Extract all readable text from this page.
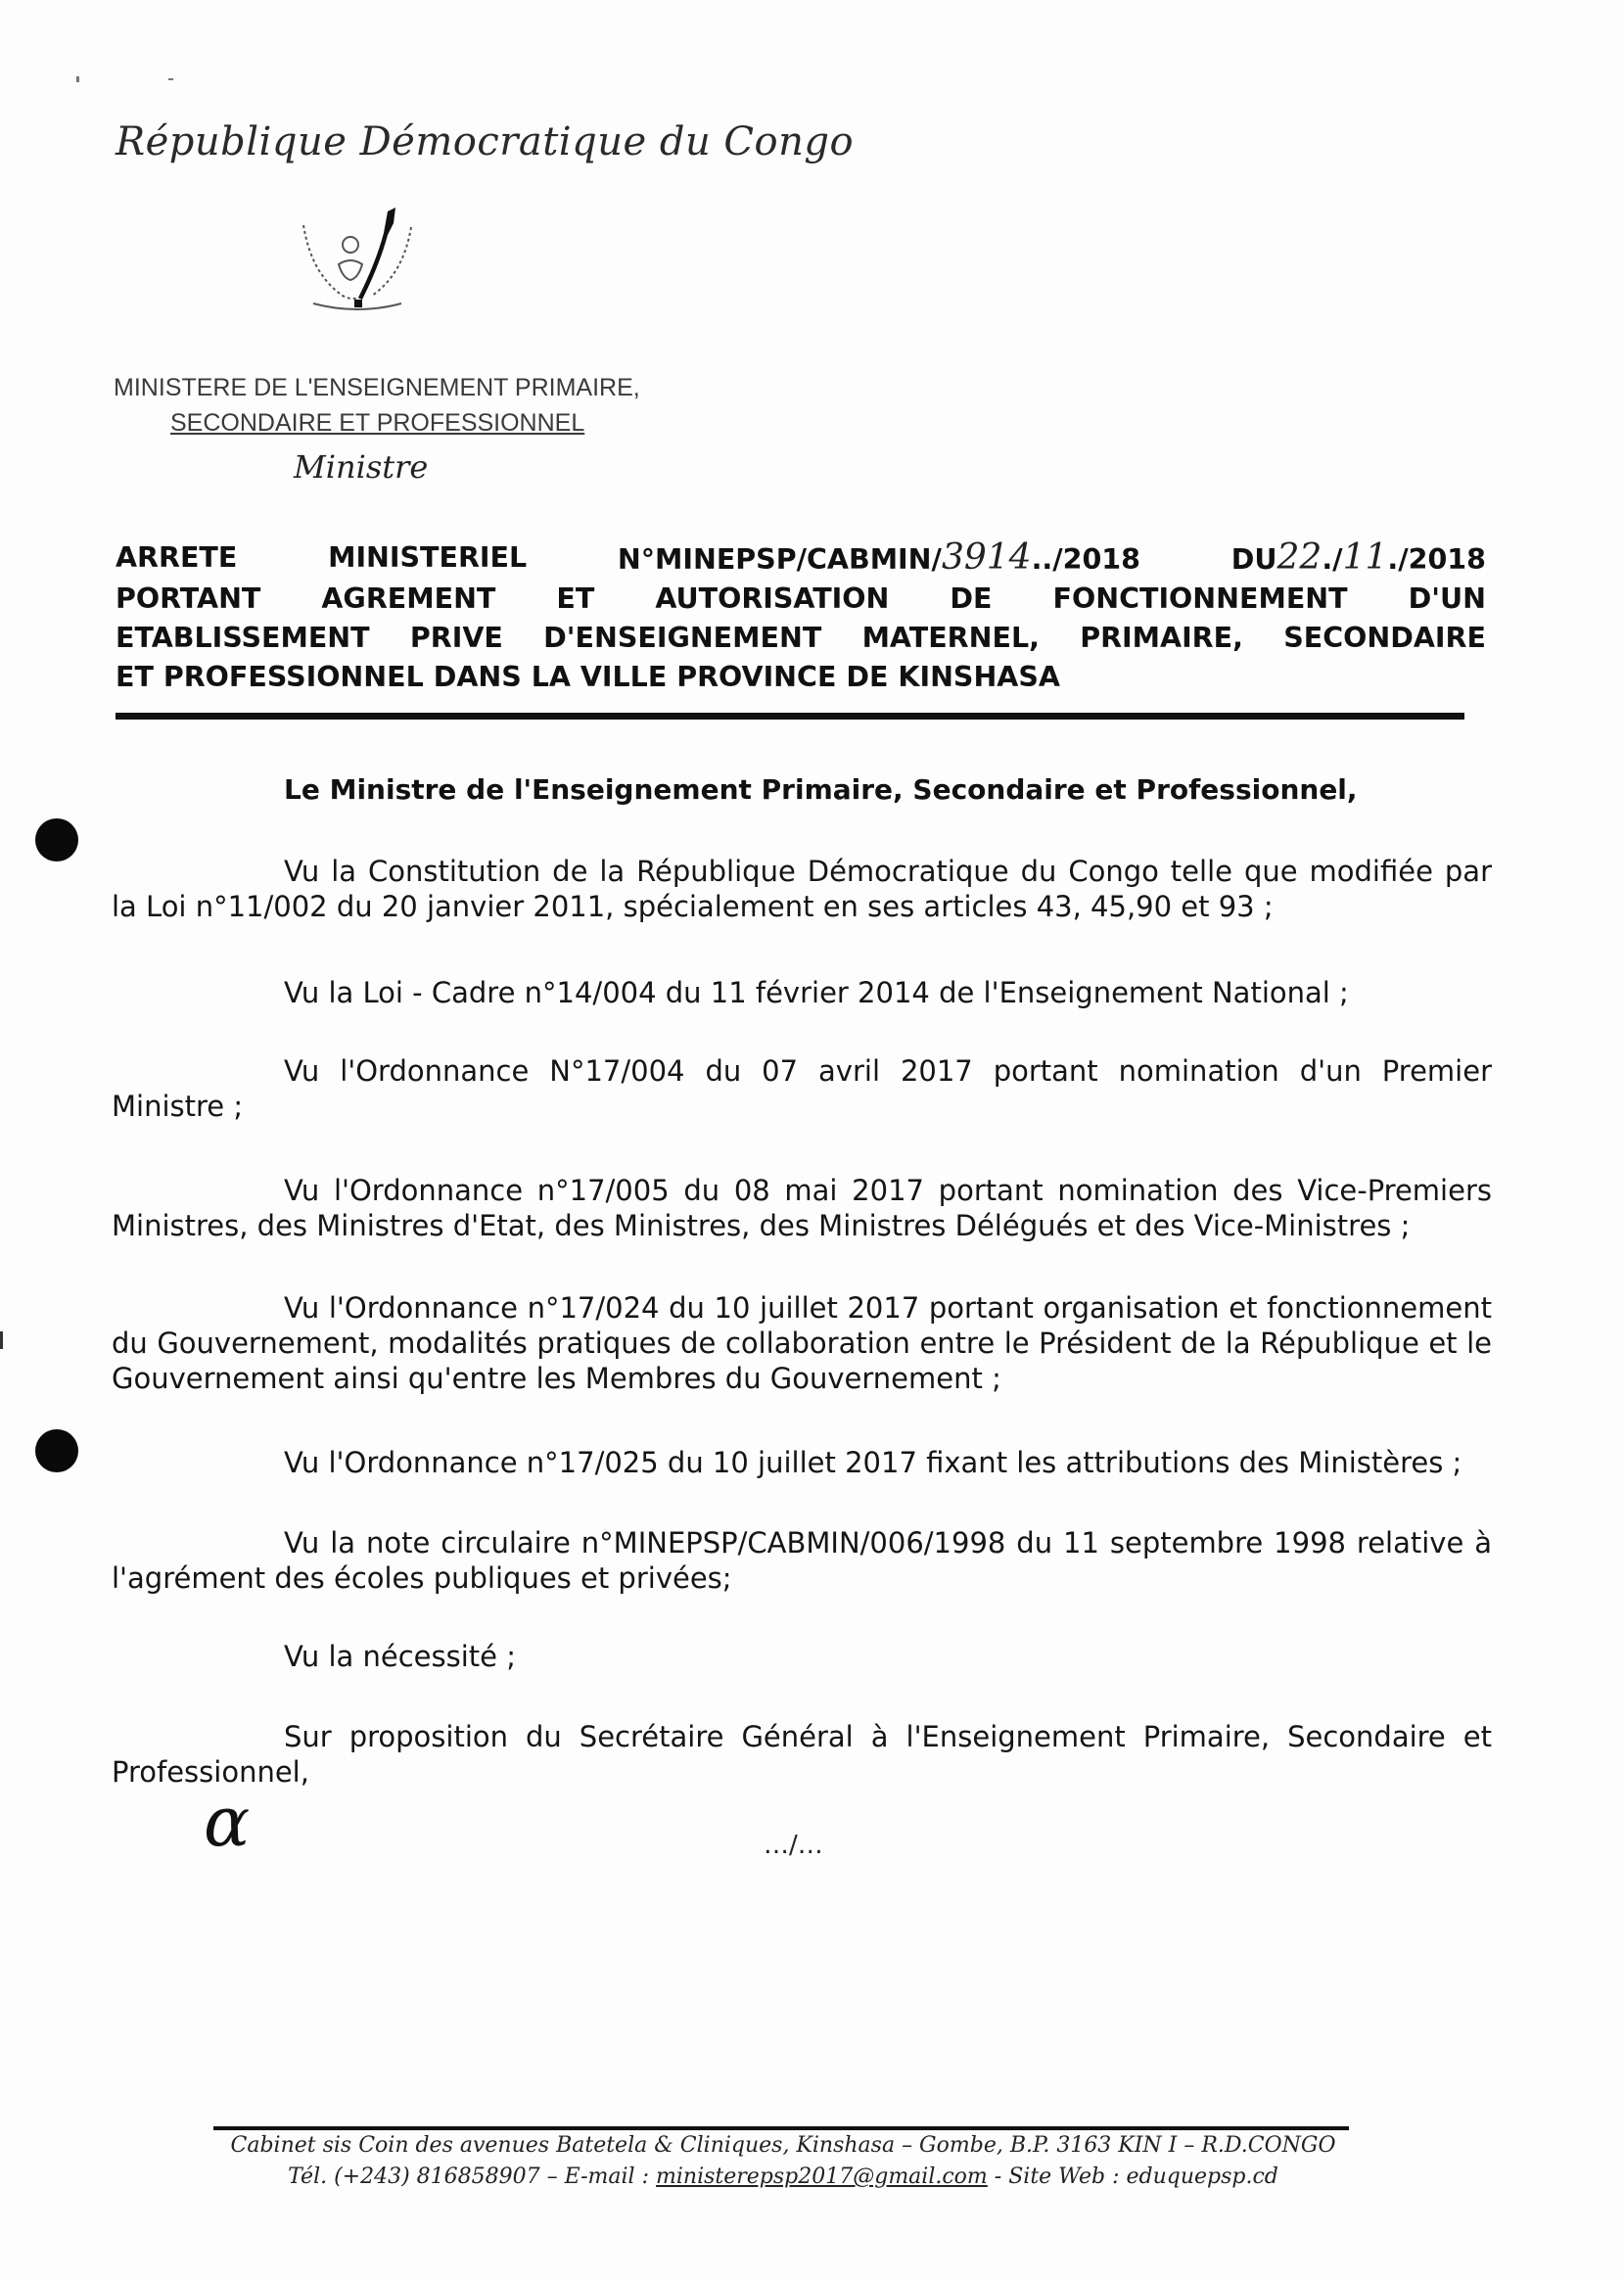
République Démocratique du Congo
MINISTERE DE L'ENSEIGNEMENT PRIMAIRE,
SECONDAIRE ET PROFESSIONNEL
Ministre
ARRETE	MINISTERIEL	N°MINEPSP/CABMIN/3914../2018	DU22./11./2018
PORTANT AGREMENT ET AUTORISATION DE FONCTIONNEMENT D'UN
ETABLISSEMENT PRIVE D'ENSEIGNEMENT MATERNEL, PRIMAIRE, SECONDAIRE
ET PROFESSIONNEL DANS LA VILLE PROVINCE DE KINSHASA
Le Ministre de l'Enseignement Primaire, Secondaire et Professionnel,

Vu la Constitution de la République Démocratique du Congo telle que modifiée par la Loi n°11/002 du 20 janvier 2011, spécialement en ses articles 43, 45,90 et 93 ;

Vu la Loi - Cadre n°14/004 du 11 février 2014 de l'Enseignement National ;

Vu l'Ordonnance N°17/004 du 07 avril 2017 portant nomination d'un Premier Ministre ;

Vu l'Ordonnance n°17/005 du 08 mai 2017 portant nomination des Vice-Premiers Ministres, des Ministres d'Etat, des Ministres, des Ministres Délégués et des Vice-Ministres ;

Vu l'Ordonnance n°17/024 du 10 juillet 2017 portant organisation et fonctionnement du Gouvernement, modalités pratiques de collaboration entre le Président de la République et le Gouvernement ainsi qu'entre les Membres du Gouvernement ;

Vu l'Ordonnance n°17/025 du 10 juillet 2017 fixant les attributions des Ministères ;

Vu la note circulaire n°MINEPSP/CABMIN/006/1998 du 11 septembre 1998 relative à l'agrément des écoles publiques et privées;

Vu la nécessité ;

Sur proposition du Secrétaire Général à l'Enseignement Primaire, Secondaire et Professionnel,

α	…/…
Cabinet sis Coin des avenues Batetela & Cliniques, Kinshasa – Gombe, B.P. 3163 KIN I – R.D.CONGO
Tél. (+243) 816858907 – E-mail : ministerepsp2017@gmail.com - Site Web : eduquepsp.cd
